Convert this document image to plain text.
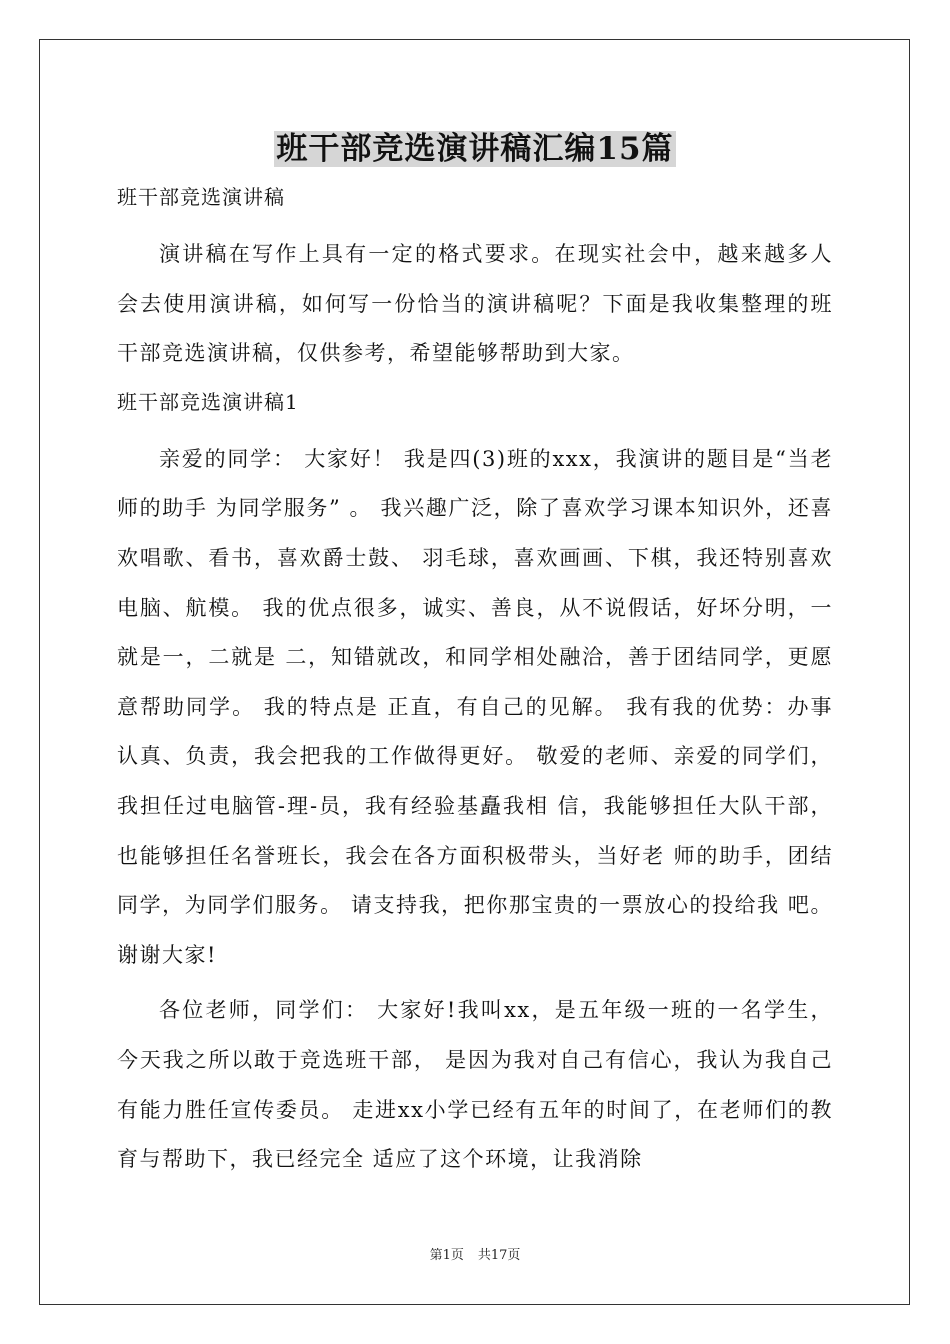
班干部竞选演讲稿汇编15篇
班干部竞选演讲稿
演讲稿在写作上具有一定的格式要求。在现实社会中，越来越多人会去使用演讲稿，如何写一份恰当的演讲稿呢？下面是我收集整理的班干部竞选演讲稿，仅供参考，希望能够帮助到大家。
班干部竞选演讲稿1
亲爱的同学： 大家好！ 我是四(3)班的xxx，我演讲的题目是“当老师的助手 为同学服务” 。 我兴趣广泛，除了喜欢学习课本知识外，还喜欢唱歌、看书，喜欢爵士鼓、 羽毛球，喜欢画画、下棋，我还特别喜欢电脑、航模。 我的优点很多，诚实、善良，从不说假话，好坏分明，一就是一，二就是 二，知错就改，和同学相处融洽，善于团结同学，更愿意帮助同学。 我的特点是 正直，有自己的见解。 我有我的优势：办事认真、负责，我会把我的工作做得更好。 敬爱的老师、亲爱的同学们，我担任过电脑管-理-员，我有经验基矗我相 信，我能够担任大队干部，也能够担任名誉班长，我会在各方面积极带头，当好老 师的助手，团结同学，为同学们服务。 请支持我，把你那宝贵的一票放心的投给我 吧。 谢谢大家!
各位老师，同学们： 大家好!我叫xx，是五年级一班的一名学生，今天我之所以敢于竞选班干部， 是因为我对自己有信心，我认为我自己有能力胜任宣传委员。 走进xx小学已经有五年的时间了，在老师们的教育与帮助下，我已经完全 适应了这个环境，让我消除
第1页 共17页
